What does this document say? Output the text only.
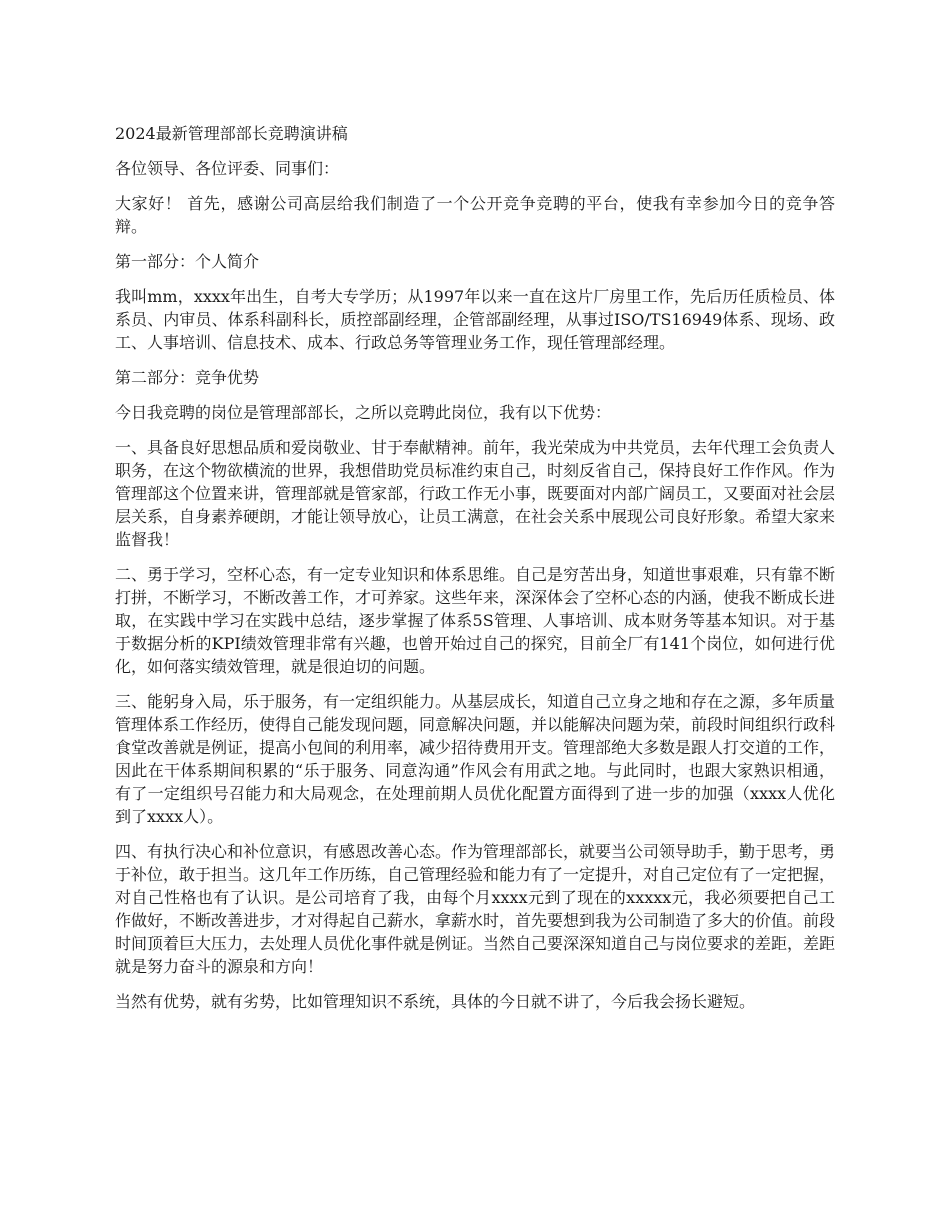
2024最新管理部部长竞聘演讲稿

各位领导、各位评委、同事们：

大家好！ 首先，感谢公司高层给我们制造了一个公开竞争竞聘的平台，使我有幸参加今日的竞争答辩。

第一部分：个人简介

我叫mm，xxxx年出生，自考大专学历；从1997年以来一直在这片厂房里工作，先后历任质检员、体系员、内审员、体系科副科长，质控部副经理，企管部副经理，从事过ISO/TS16949体系、现场、政工、人事培训、信息技术、成本、行政总务等管理业务工作，现任管理部经理。

第二部分：竞争优势

今日我竞聘的岗位是管理部部长，之所以竞聘此岗位，我有以下优势：

一、具备良好思想品质和爱岗敬业、甘于奉献精神。前年，我光荣成为中共党员，去年代理工会负责人职务，在这个物欲横流的世界，我想借助党员标准约束自己，时刻反省自己，保持良好工作作风。作为管理部这个位置来讲，管理部就是管家部，行政工作无小事，既要面对内部广阔员工，又要面对社会层层关系，自身素养硬朗，才能让领导放心，让员工满意，在社会关系中展现公司良好形象。希望大家来监督我！

二、勇于学习，空杯心态，有一定专业知识和体系思维。自己是穷苦出身，知道世事艰难，只有靠不断打拼，不断学习，不断改善工作，才可养家。这些年来，深深体会了空杯心态的内涵，使我不断成长进取，在实践中学习在实践中总结，逐步掌握了体系5S管理、人事培训、成本财务等基本知识。对于基于数据分析的KPI绩效管理非常有兴趣，也曾开始过自己的探究，目前全厂有141个岗位，如何进行优化，如何落实绩效管理，就是很迫切的问题。

三、能躬身入局，乐于服务，有一定组织能力。从基层成长，知道自己立身之地和存在之源，多年质量管理体系工作经历，使得自己能发现问题，同意解决问题，并以能解决问题为荣，前段时间组织行政科食堂改善就是例证，提高小包间的利用率，减少招待费用开支。管理部绝大多数是跟人打交道的工作，因此在干体系期间积累的“乐于服务、同意沟通”作风会有用武之地。与此同时，也跟大家熟识相通，有了一定组织号召能力和大局观念，在处理前期人员优化配置方面得到了进一步的加强（xxxx人优化到了xxxx人）。

四、有执行决心和补位意识，有感恩改善心态。作为管理部部长，就要当公司领导助手，勤于思考，勇于补位，敢于担当。这几年工作历练，自己管理经验和能力有了一定提升，对自己定位有了一定把握，对自己性格也有了认识。是公司培育了我，由每个月xxxx元到了现在的xxxxx元，我必须要把自己工作做好，不断改善进步，才对得起自己薪水，拿薪水时，首先要想到我为公司制造了多大的价值。前段时间顶着巨大压力，去处理人员优化事件就是例证。当然自己要深深知道自己与岗位要求的差距，差距就是努力奋斗的源泉和方向！

当然有优势，就有劣势，比如管理知识不系统，具体的今日就不讲了，今后我会扬长避短。
